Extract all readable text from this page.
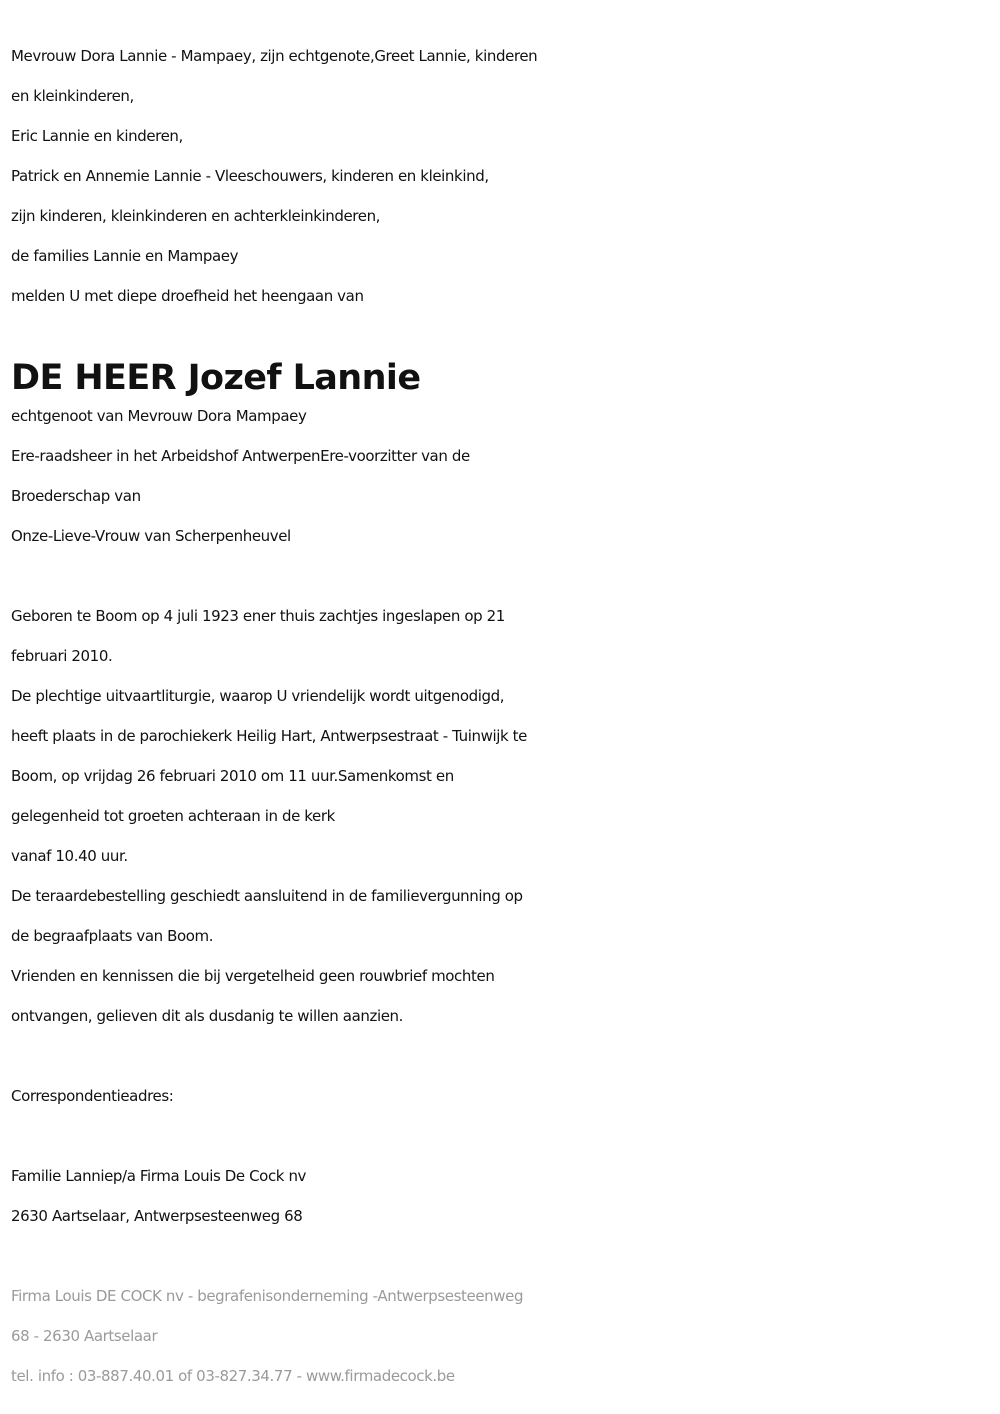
Mevrouw Dora Lannie - Mampaey, zijn echtgenote,Greet Lannie, kinderen
en kleinkinderen,
Eric Lannie en kinderen,
Patrick en Annemie Lannie - Vleeschouwers, kinderen en kleinkind,
zijn kinderen, kleinkinderen en achterkleinkinderen,
de families Lannie en Mampaey
melden U met diepe droefheid het heengaan van
DE HEER Jozef Lannie
echtgenoot van Mevrouw Dora Mampaey
Ere-raadsheer in het Arbeidshof AntwerpenEre-voorzitter van de
Broederschap van
Onze-Lieve-Vrouw van Scherpenheuvel
Geboren te Boom op 4 juli 1923 ener thuis zachtjes ingeslapen op 21
februari 2010.
De plechtige uitvaartliturgie, waarop U vriendelijk wordt uitgenodigd,
heeft plaats in de parochiekerk Heilig Hart, Antwerpsestraat - Tuinwijk te
Boom, op vrijdag 26 februari 2010 om 11 uur.Samenkomst en
gelegenheid tot groeten achteraan in de kerk
vanaf 10.40 uur.
De teraardebestelling geschiedt aansluitend in de familievergunning op
de begraafplaats van Boom.
Vrienden en kennissen die bij vergetelheid geen rouwbrief mochten
ontvangen, gelieven dit als dusdanig te willen aanzien.
Correspondentieadres:
Familie Lanniep/a Firma Louis De Cock nv
2630 Aartselaar, Antwerpsesteenweg 68
Firma Louis DE COCK nv - begrafenisonderneming -Antwerpsesteenweg
68 - 2630 Aartselaar
tel. info : 03-887.40.01 of 03-827.34.77 - www.firmadecock.be
